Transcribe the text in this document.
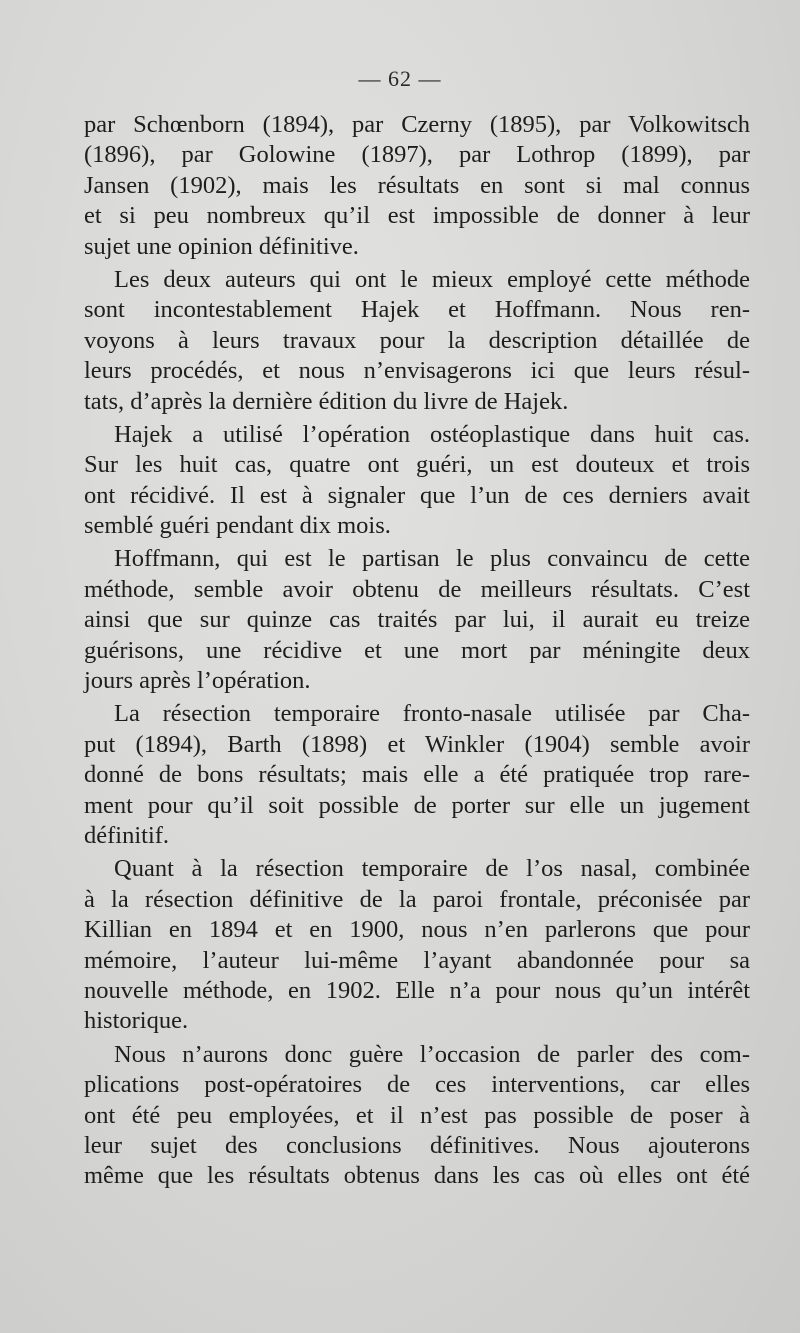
— 62 —
par Schœnborn (1894), par Czerny (1895), par Volkowitsch
(1896), par Golowine (1897), par Lothrop (1899), par
Jansen (1902), mais les résultats en sont si mal connus
et si peu nombreux qu’il est impossible de donner à leur
sujet une opinion définitive.
Les deux auteurs qui ont le mieux employé cette méthode
sont incontestablement Hajek et Hoffmann. Nous ren-
voyons à leurs travaux pour la description détaillée de
leurs procédés, et nous n’envisagerons ici que leurs résul-
tats, d’après la dernière édition du livre de Hajek.
Hajek a utilisé l’opération ostéoplastique dans huit cas.
Sur les huit cas, quatre ont guéri, un est douteux et trois
ont récidivé. Il est à signaler que l’un de ces derniers avait
semblé guéri pendant dix mois.
Hoffmann, qui est le partisan le plus convaincu de cette
méthode, semble avoir obtenu de meilleurs résultats. C’est
ainsi que sur quinze cas traités par lui, il aurait eu treize
guérisons, une récidive et une mort par méningite deux
jours après l’opération.
La résection temporaire fronto-nasale utilisée par Cha-
put (1894), Barth (1898) et Winkler (1904) semble avoir
donné de bons résultats; mais elle a été pratiquée trop rare-
ment pour qu’il soit possible de porter sur elle un jugement
définitif.
Quant à la résection temporaire de l’os nasal, combinée
à la résection définitive de la paroi frontale, préconisée par
Killian en 1894 et en 1900, nous n’en parlerons que pour
mémoire, l’auteur lui-même l’ayant abandonnée pour sa
nouvelle méthode, en 1902. Elle n’a pour nous qu’un intérêt
historique.
Nous n’aurons donc guère l’occasion de parler des com-
plications post-opératoires de ces interventions, car elles
ont été peu employées, et il n’est pas possible de poser à
leur sujet des conclusions définitives. Nous ajouterons
même que les résultats obtenus dans les cas où elles ont été
